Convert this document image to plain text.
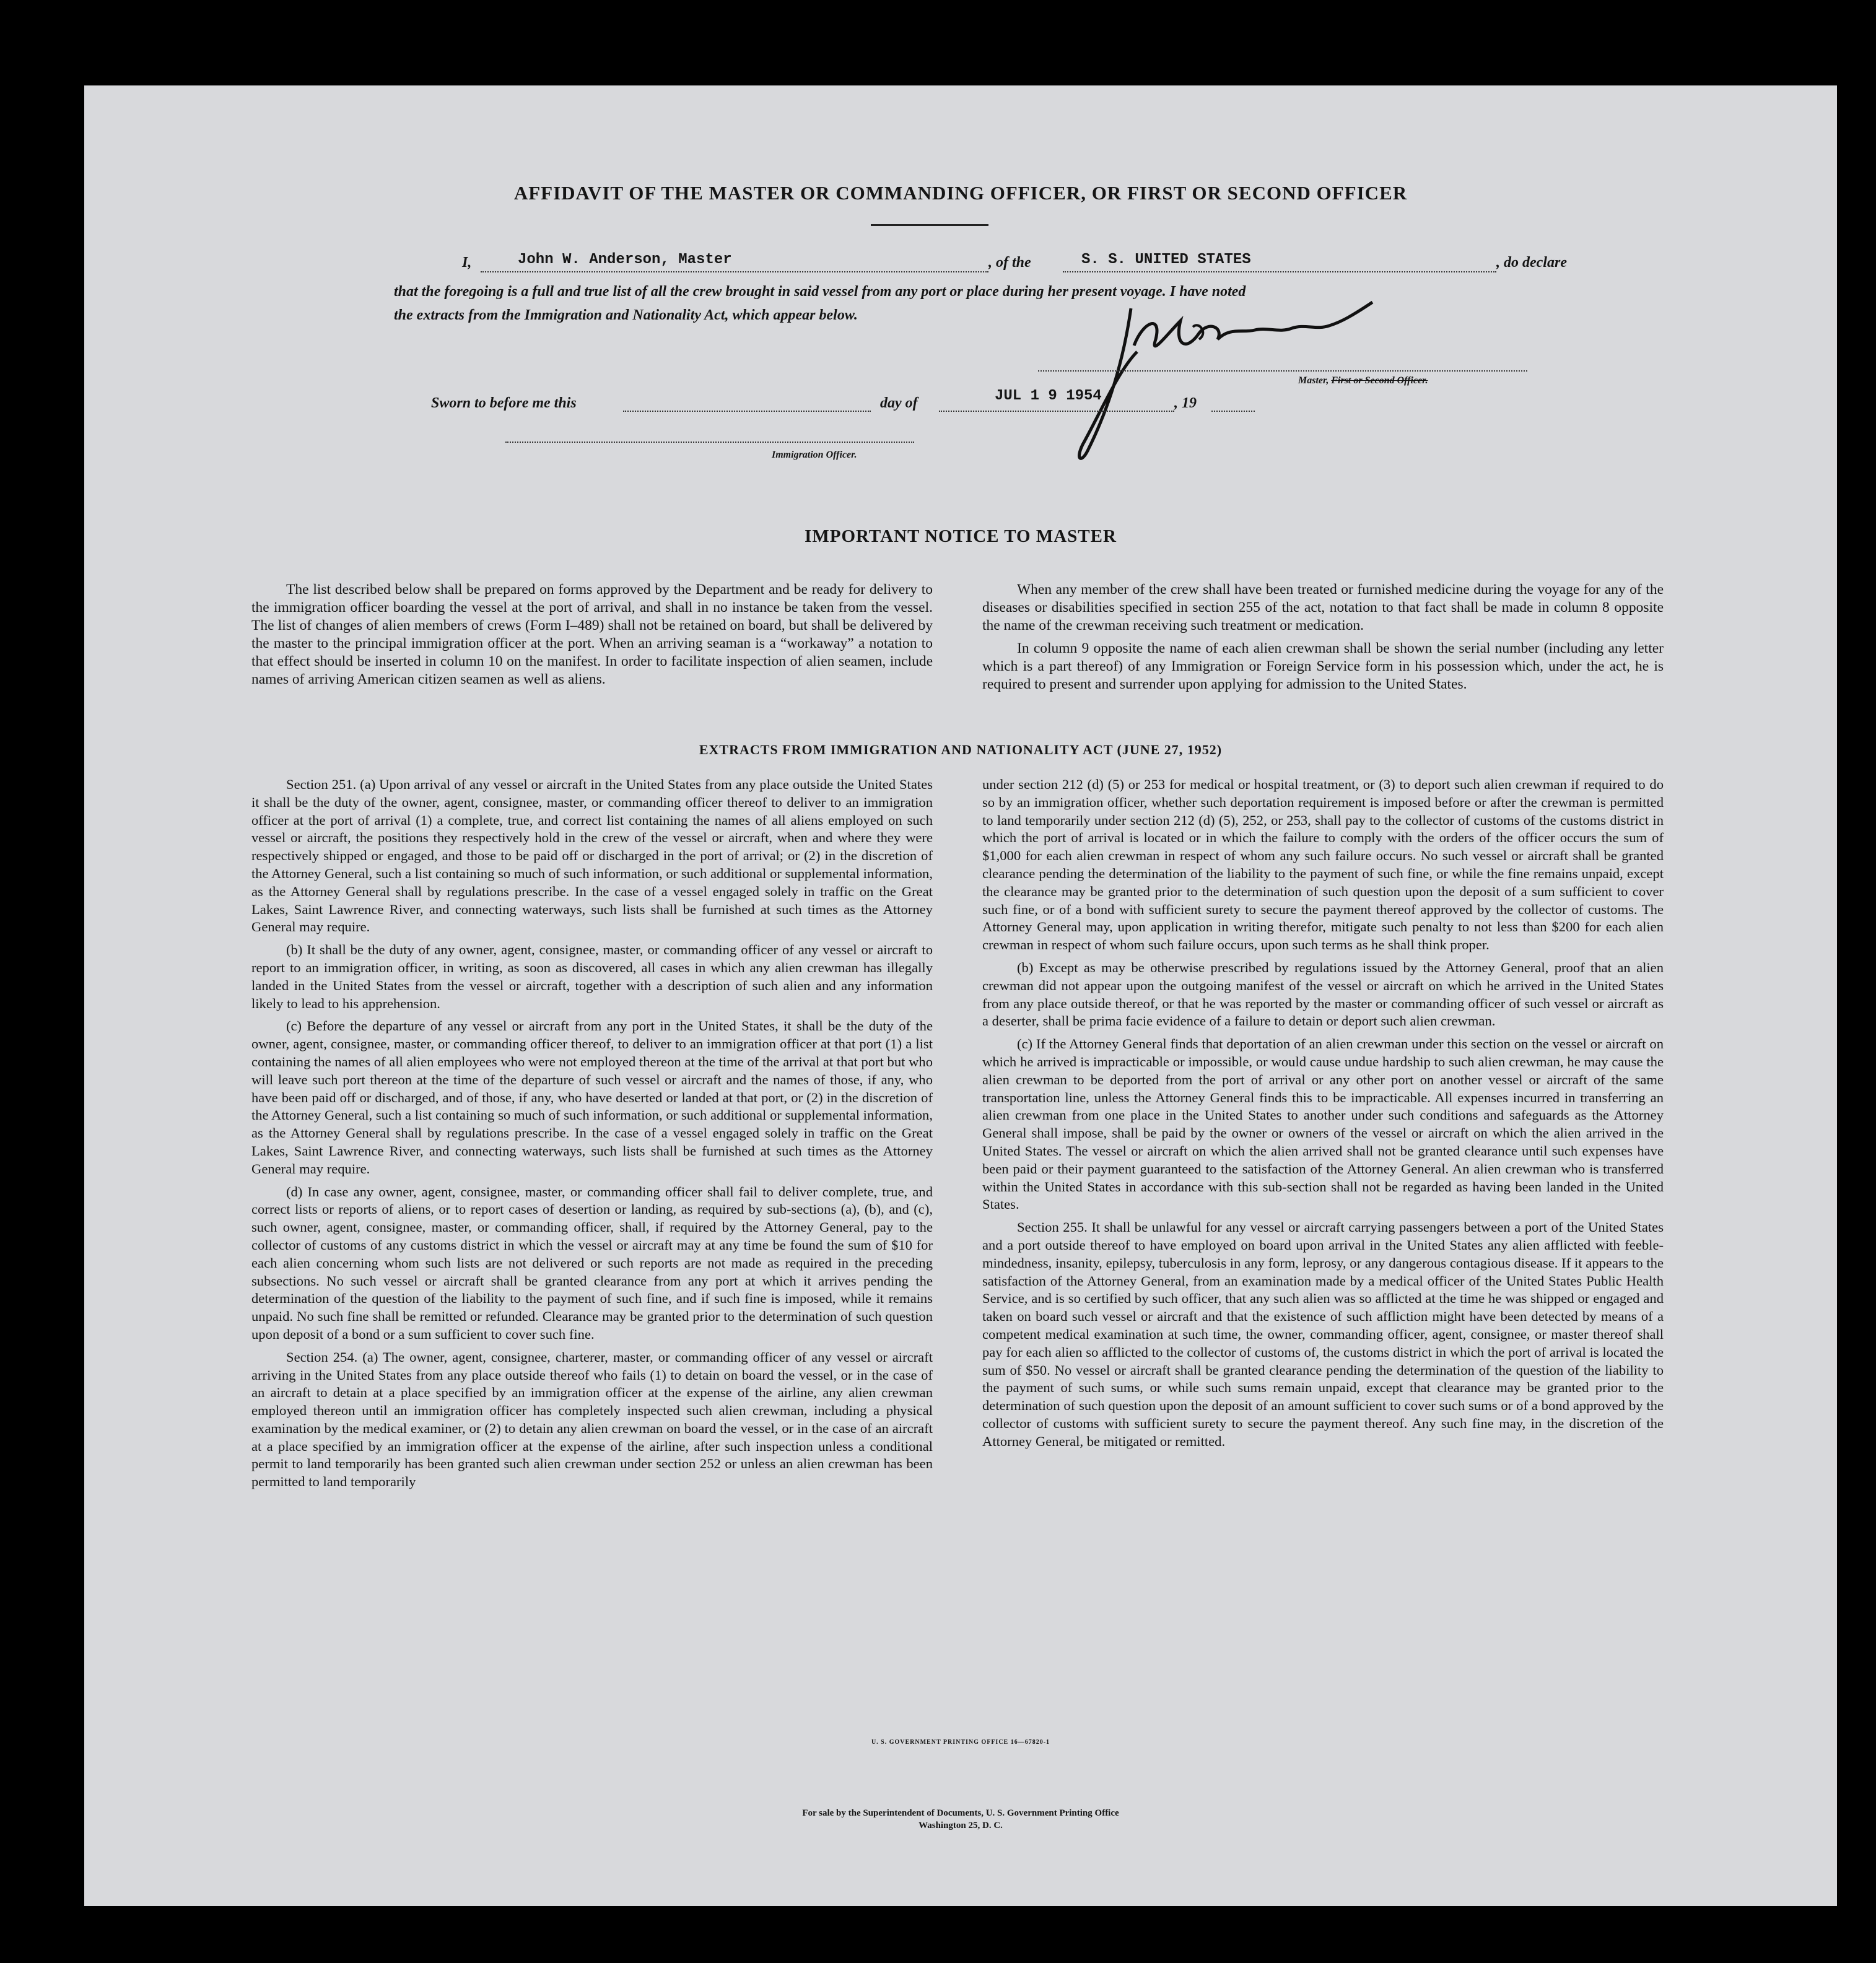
AFFIDAVIT OF THE MASTER OR COMMANDING OFFICER, OR FIRST OR SECOND OFFICER
I,	John W. Anderson, Master	, of the	S. S. UNITED STATES	, do declare
that the foregoing is a full and true list of all the crew brought in said vessel from any port or place during her present voyage. I have noted
the extracts from the Immigration and Nationality Act, which appear below.
Master, First or Second Officer.
Sworn to before me this	day of	JUL 1 9 1954	, 19
Immigration Officer.
IMPORTANT NOTICE TO MASTER

The list described below shall be prepared on forms approved by the Department and be ready for delivery to the immigration officer boarding the vessel at the port of arrival, and shall in no instance be taken from the vessel. The list of changes of alien members of crews (Form I–489) shall not be retained on board, but shall be delivered by the master to the principal immigration officer at the port. When an arriving seaman is a “workaway” a notation to that effect should be inserted in column 10 on the manifest. In order to facilitate inspection of alien seamen, include names of arriving American citizen seamen as well as aliens.

When any member of the crew shall have been treated or furnished medicine during the voyage for any of the diseases or disabilities specified in section 255 of the act, notation to that fact shall be made in column 8 opposite the name of the crewman receiving such treatment or medication.

In column 9 opposite the name of each alien crewman shall be shown the serial number (including any letter which is a part thereof) of any Immigration or Foreign Service form in his possession which, under the act, he is required to present and surrender upon applying for admission to the United States.

EXTRACTS FROM IMMIGRATION AND NATIONALITY ACT (JUNE 27, 1952)

Section 251. (a) Upon arrival of any vessel or aircraft in the United States from any place outside the United States it shall be the duty of the owner, agent, consignee, master, or commanding officer thereof to deliver to an immigration officer at the port of arrival (1) a complete, true, and correct list containing the names of all aliens employed on such vessel or aircraft, the positions they respectively hold in the crew of the vessel or aircraft, when and where they were respectively shipped or engaged, and those to be paid off or discharged in the port of arrival; or (2) in the discretion of the Attorney General, such a list containing so much of such information, or such additional or supplemental information, as the Attorney General shall by regulations prescribe. In the case of a vessel engaged solely in traffic on the Great Lakes, Saint Lawrence River, and connecting waterways, such lists shall be furnished at such times as the Attorney General may require.

(b) It shall be the duty of any owner, agent, consignee, master, or commanding officer of any vessel or aircraft to report to an immigration officer, in writing, as soon as discovered, all cases in which any alien crewman has illegally landed in the United States from the vessel or aircraft, together with a description of such alien and any information likely to lead to his apprehension.

(c) Before the departure of any vessel or aircraft from any port in the United States, it shall be the duty of the owner, agent, consignee, master, or commanding officer thereof, to deliver to an immigration officer at that port (1) a list containing the names of all alien employees who were not employed thereon at the time of the arrival at that port but who will leave such port thereon at the time of the departure of such vessel or aircraft and the names of those, if any, who have been paid off or discharged, and of those, if any, who have deserted or landed at that port, or (2) in the discretion of the Attorney General, such a list containing so much of such information, or such additional or supplemental information, as the Attorney General shall by regulations prescribe. In the case of a vessel engaged solely in traffic on the Great Lakes, Saint Lawrence River, and connecting waterways, such lists shall be furnished at such times as the Attorney General may require.

(d) In case any owner, agent, consignee, master, or commanding officer shall fail to deliver complete, true, and correct lists or reports of aliens, or to report cases of desertion or landing, as required by sub-sections (a), (b), and (c), such owner, agent, consignee, master, or commanding officer, shall, if required by the Attorney General, pay to the collector of customs of any customs district in which the vessel or aircraft may at any time be found the sum of $10 for each alien concerning whom such lists are not delivered or such reports are not made as required in the preceding subsections. No such vessel or aircraft shall be granted clearance from any port at which it arrives pending the determination of the question of the liability to the payment of such fine, and if such fine is imposed, while it remains unpaid. No such fine shall be remitted or refunded. Clearance may be granted prior to the determination of such question upon deposit of a bond or a sum sufficient to cover such fine.

Section 254. (a) The owner, agent, consignee, charterer, master, or commanding officer of any vessel or aircraft arriving in the United States from any place outside thereof who fails (1) to detain on board the vessel, or in the case of an aircraft to detain at a place specified by an immigration officer at the expense of the airline, any alien crewman employed thereon until an immigration officer has completely inspected such alien crewman, including a physical examination by the medical examiner, or (2) to detain any alien crewman on board the vessel, or in the case of an aircraft at a place specified by an immigration officer at the expense of the airline, after such inspection unless a conditional permit to land temporarily has been granted such alien crewman under section 252 or unless an alien crewman has been permitted to land temporarily

under section 212 (d) (5) or 253 for medical or hospital treatment, or (3) to deport such alien crewman if required to do so by an immigration officer, whether such deportation requirement is imposed before or after the crewman is permitted to land temporarily under section 212 (d) (5), 252, or 253, shall pay to the collector of customs of the customs district in which the port of arrival is located or in which the failure to comply with the orders of the officer occurs the sum of $1,000 for each alien crewman in respect of whom any such failure occurs. No such vessel or aircraft shall be granted clearance pending the determination of the liability to the payment of such fine, or while the fine remains unpaid, except the clearance may be granted prior to the determination of such question upon the deposit of a sum sufficient to cover such fine, or of a bond with sufficient surety to secure the payment thereof approved by the collector of customs. The Attorney General may, upon application in writing therefor, mitigate such penalty to not less than $200 for each alien crewman in respect of whom such failure occurs, upon such terms as he shall think proper.

(b) Except as may be otherwise prescribed by regulations issued by the Attorney General, proof that an alien crewman did not appear upon the outgoing manifest of the vessel or aircraft on which he arrived in the United States from any place outside thereof, or that he was reported by the master or commanding officer of such vessel or aircraft as a deserter, shall be prima facie evidence of a failure to detain or deport such alien crewman.

(c) If the Attorney General finds that deportation of an alien crewman under this section on the vessel or aircraft on which he arrived is impracticable or impossible, or would cause undue hardship to such alien crewman, he may cause the alien crewman to be deported from the port of arrival or any other port on another vessel or aircraft of the same transportation line, unless the Attorney General finds this to be impracticable. All expenses incurred in transferring an alien crewman from one place in the United States to another under such conditions and safeguards as the Attorney General shall impose, shall be paid by the owner or owners of the vessel or aircraft on which the alien arrived in the United States. The vessel or aircraft on which the alien arrived shall not be granted clearance until such expenses have been paid or their payment guaranteed to the satisfaction of the Attorney General. An alien crewman who is transferred within the United States in accordance with this sub-section shall not be regarded as having been landed in the United States.

Section 255. It shall be unlawful for any vessel or aircraft carrying passengers between a port of the United States and a port outside thereof to have employed on board upon arrival in the United States any alien afflicted with feeble-mindedness, insanity, epilepsy, tuberculosis in any form, leprosy, or any dangerous contagious disease. If it appears to the satisfaction of the Attorney General, from an examination made by a medical officer of the United States Public Health Service, and is so certified by such officer, that any such alien was so afflicted at the time he was shipped or engaged and taken on board such vessel or aircraft and that the existence of such affliction might have been detected by means of a competent medical examination at such time, the owner, commanding officer, agent, consignee, or master thereof shall pay for each alien so afflicted to the collector of customs of, the customs district in which the port of arrival is located the sum of $50. No vessel or aircraft shall be granted clearance pending the determination of the question of the liability to the payment of such sums, or while such sums remain unpaid, except that clearance may be granted prior to the determination of such question upon the deposit of an amount sufficient to cover such sums or of a bond approved by the collector of customs with sufficient surety to secure the payment thereof. Any such fine may, in the discretion of the Attorney General, be mitigated or remitted.

U. S. GOVERNMENT PRINTING OFFICE 16—67820-1
For sale by the Superintendent of Documents, U. S. Government Printing Office
Washington 25, D. C.
